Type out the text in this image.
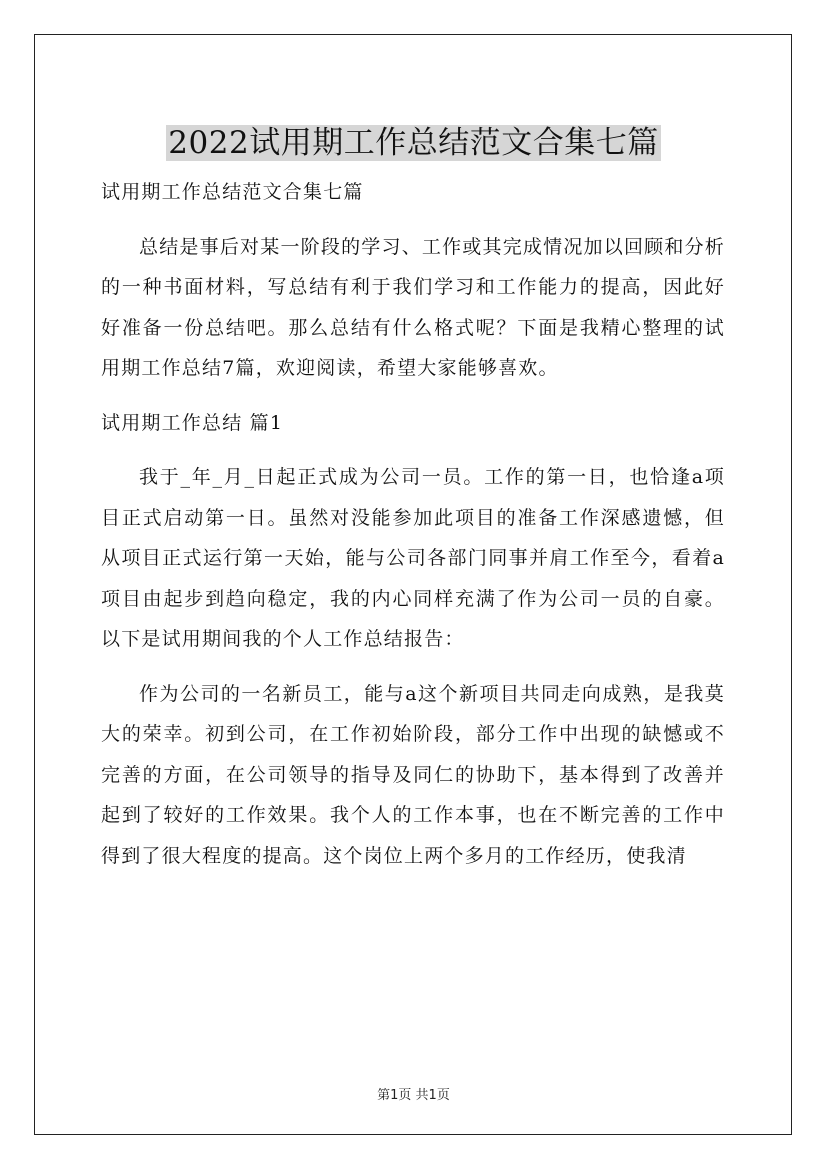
2022试用期工作总结范文合集七篇

试用期工作总结范文合集七篇

总结是事后对某一阶段的学习、工作或其完成情况加以回顾和分析的一种书面材料，写总结有利于我们学习和工作能力的提高，因此好好准备一份总结吧。那么总结有什么格式呢？下面是我精心整理的试用期工作总结7篇，欢迎阅读，希望大家能够喜欢。

试用期工作总结 篇1

我于_年_月_日起正式成为公司一员。工作的第一日，也恰逢a项目正式启动第一日。虽然对没能参加此项目的准备工作深感遗憾，但从项目正式运行第一天始，能与公司各部门同事并肩工作至今，看着a项目由起步到趋向稳定，我的内心同样充满了作为公司一员的自豪。以下是试用期间我的个人工作总结报告：

作为公司的一名新员工，能与a这个新项目共同走向成熟，是我莫大的荣幸。初到公司，在工作初始阶段，部分工作中出现的缺憾或不完善的方面，在公司领导的指导及同仁的协助下，基本得到了改善并起到了较好的工作效果。我个人的工作本事，也在不断完善的工作中得到了很大程度的提高。这个岗位上两个多月的工作经历，使我清

第1页 共1页
